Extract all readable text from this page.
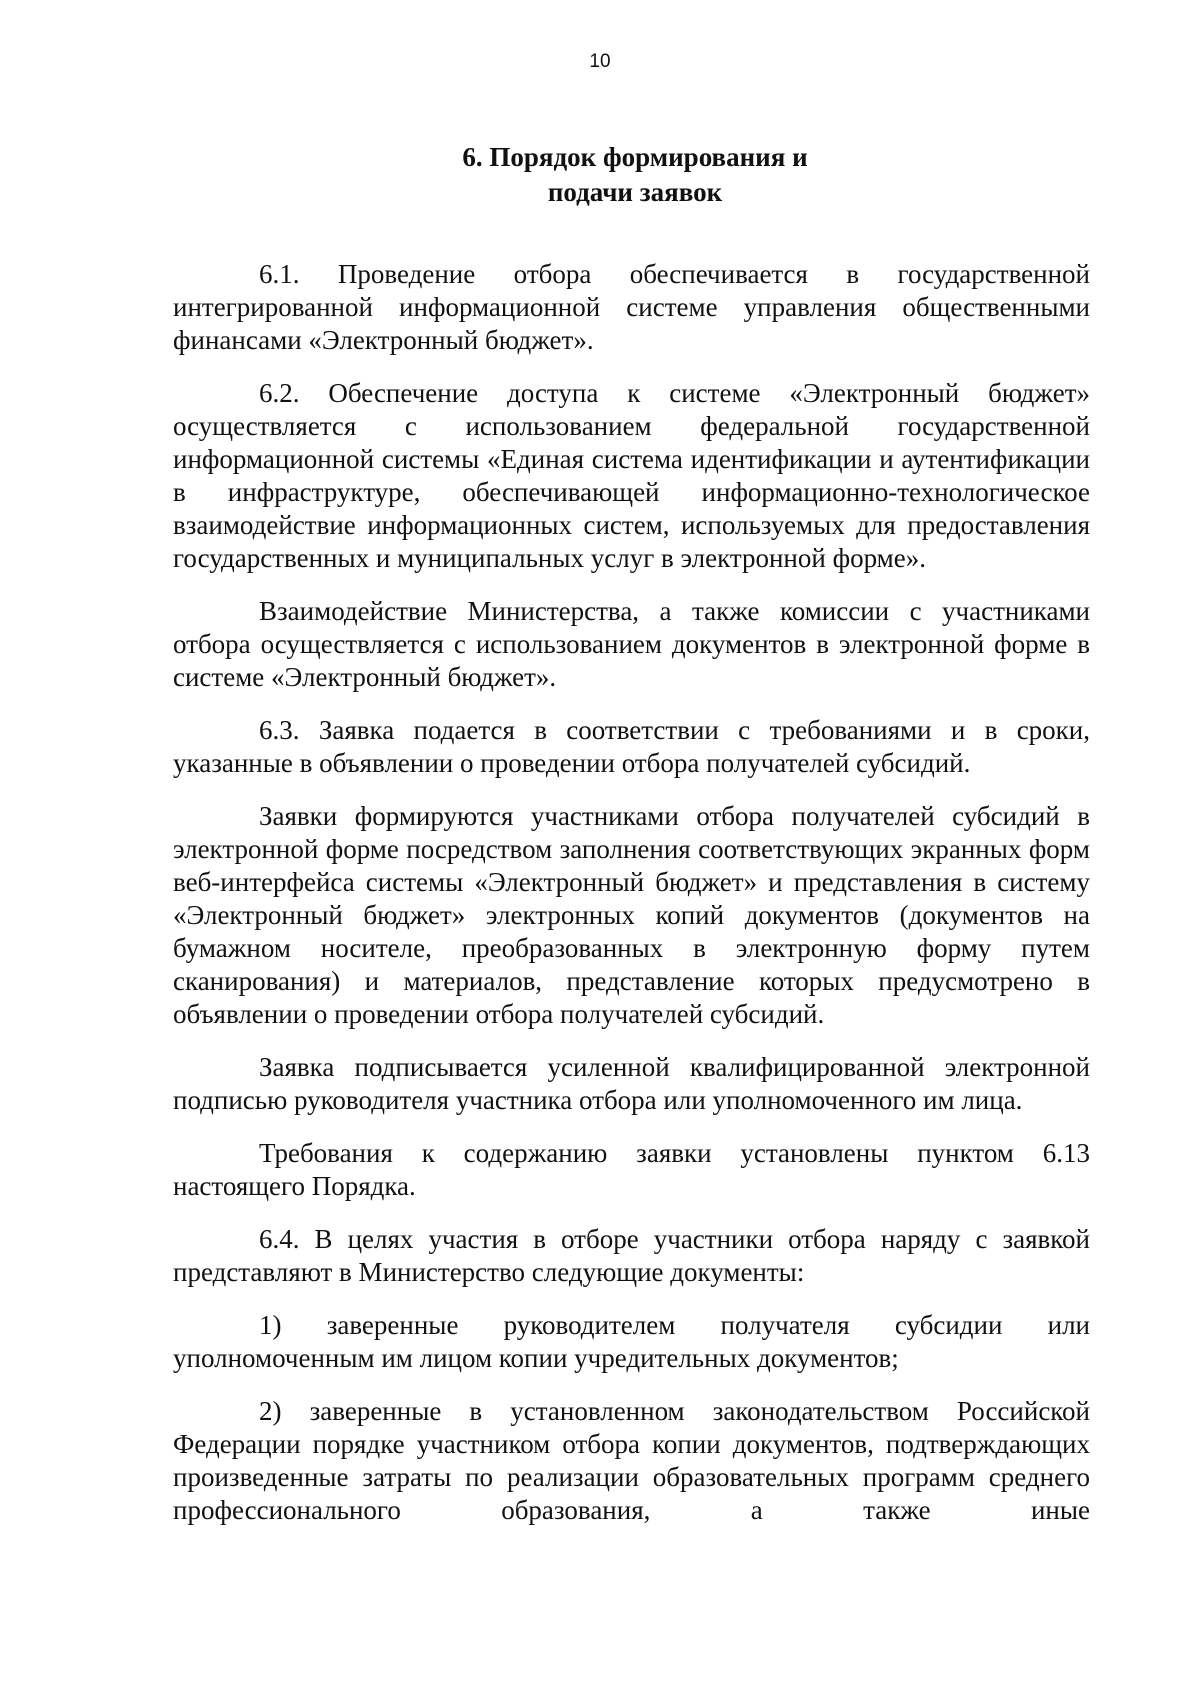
10
6. Порядок формирования и
подачи заявок

6.1. Проведение отбора обеспечивается в государственной интегрированной информационной системе управления общественными финансами «Электронный бюджет».

6.2. Обеспечение доступа к системе «Электронный бюджет» осуществляется с использованием федеральной государственной информационной системы «Единая система идентификации и аутентификации в инфраструктуре, обеспечивающей информационно-технологическое взаимодействие информационных систем, используемых для предоставления государственных и муниципальных услуг в электронной форме».

Взаимодействие Министерства, а также комиссии с участниками отбора осуществляется с использованием документов в электронной форме в системе «Электронный бюджет».

6.3. Заявка подается в соответствии с требованиями и в сроки, указанные в объявлении о проведении отбора получателей субсидий.

Заявки формируются участниками отбора получателей субсидий в электронной форме посредством заполнения соответствующих экранных форм веб-интерфейса системы «Электронный бюджет» и представления в систему «Электронный бюджет» электронных копий документов (документов на бумажном носителе, преобразованных в электронную форму путем сканирования) и материалов, представление которых предусмотрено в объявлении о проведении отбора получателей субсидий.

Заявка подписывается усиленной квалифицированной электронной подписью руководителя участника отбора или уполномоченного им лица.

Требования к содержанию заявки установлены пунктом 6.13 настоящего Порядка.

6.4. В целях участия в отборе участники отбора наряду с заявкой представляют в Министерство следующие документы:

1) заверенные руководителем получателя субсидии или уполномоченным им лицом копии учредительных документов;

2) заверенные в установленном законодательством Российской Федерации порядке участником отбора копии документов, подтверждающих произведенные затраты по реализации образовательных программ среднего профессионального образования, а также иные
